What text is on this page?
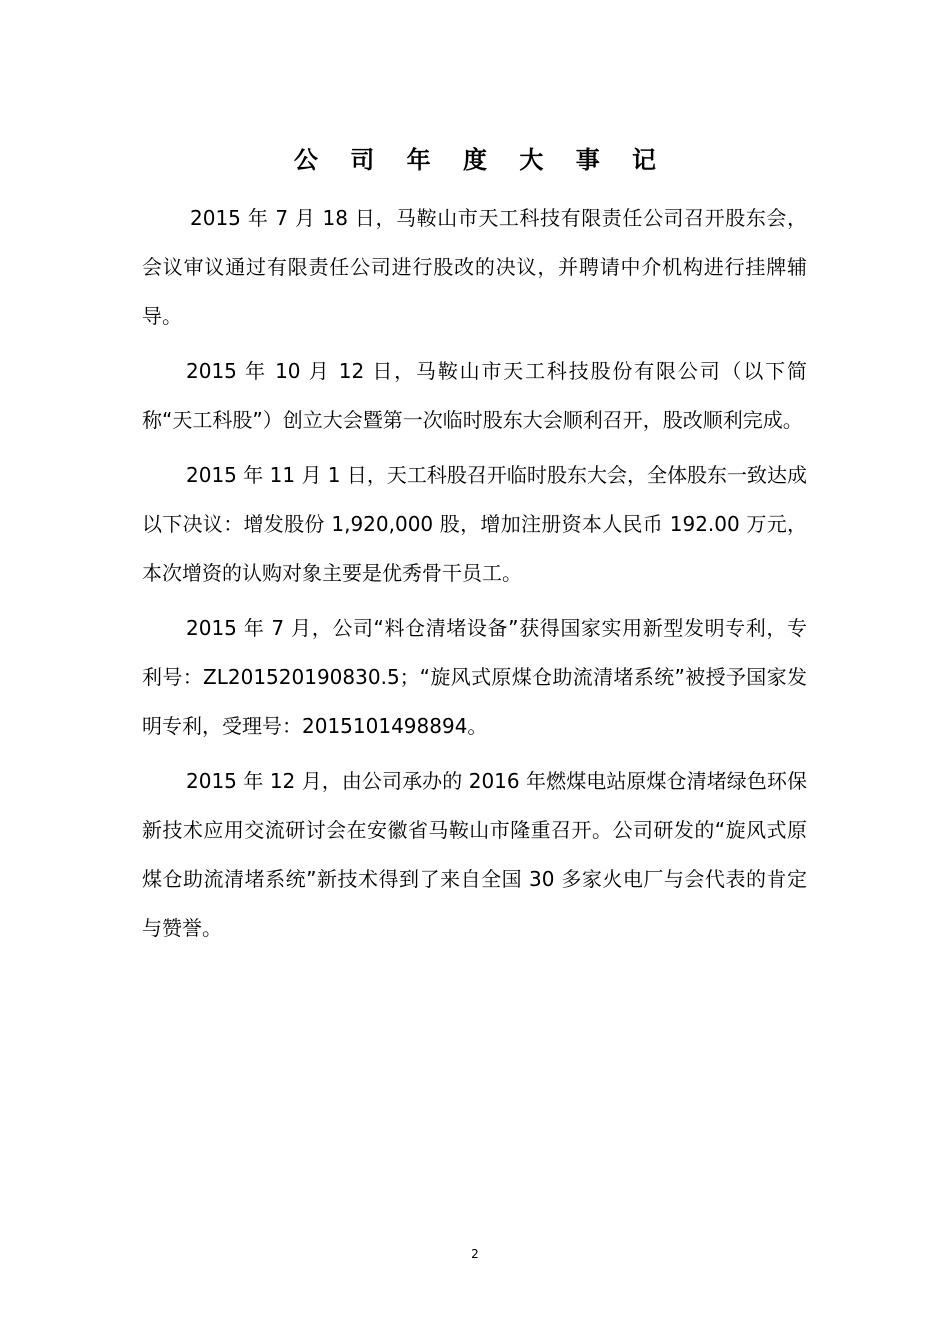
公 司 年 度 大 事 记

2015 年 7 月 18 日，马鞍山市天工科技有限责任公司召开股东会，会议审议通过有限责任公司进行股改的决议，并聘请中介机构进行挂牌辅导。

2015 年 10 月 12 日，马鞍山市天工科技股份有限公司（以下简称“天工科股”）创立大会暨第一次临时股东大会顺利召开，股改顺利完成。

2015 年 11 月 1 日，天工科股召开临时股东大会，全体股东一致达成以下决议：增发股份 1,920,000 股，增加注册资本人民币 192.00 万元，本次增资的认购对象主要是优秀骨干员工。

2015 年 7 月，公司“料仓清堵设备”获得国家实用新型发明专利，专利号：ZL201520190830.5；“旋风式原煤仓助流清堵系统”被授予国家发明专利，受理号：2015101498894。

2015 年 12 月，由公司承办的 2016 年燃煤电站原煤仓清堵绿色环保新技术应用交流研讨会在安徽省马鞍山市隆重召开。公司研发的“旋风式原煤仓助流清堵系统”新技术得到了来自全国 30 多家火电厂与会代表的肯定与赞誉。

2
